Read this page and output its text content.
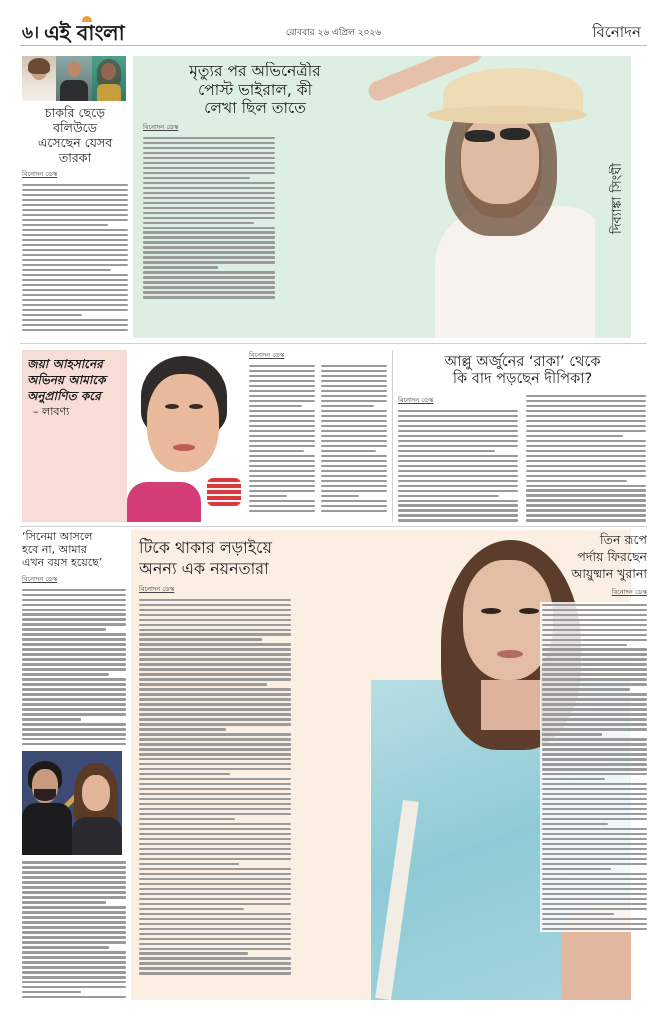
৬। এই বাংলা	রোববার ২৬ এপ্রিল ২০২৬	বিনোদন
চাকরি ছেড়ে বলিউডে
এসেছেন যেসব তারকা
বিনোদন ডেস্ক	দিব্যাঙ্কা সিংঘী
মৃত্যুর পর অভিনেত্রীর
পোস্ট ভাইরাল, কী
লেখা ছিল তাতে
বিনোদন ডেস্ক
জয়া আহসানের
অভিনয় আমাকে
অনুপ্রাণিত করে
– লাবণ্য
বিনোদন ডেস্ক	আল্লু অর্জুনের ‘রাকা’ থেকে
কি বাদ পড়ছেন দীপিকা?
বিনোদন ডেস্ক
‘সিনেমা আসলে
হবে না, আমার
এখন বয়স হয়েছে’
বিনোদন ডেস্ক
টিকে থাকার লড়াইয়ে
অনন্য এক নয়নতারা
বিনোদন ডেস্ক
তিন রূপে
পর্দায় ফিরছেন
আয়ুষ্মান খুরানা
বিনোদন ডেস্ক
